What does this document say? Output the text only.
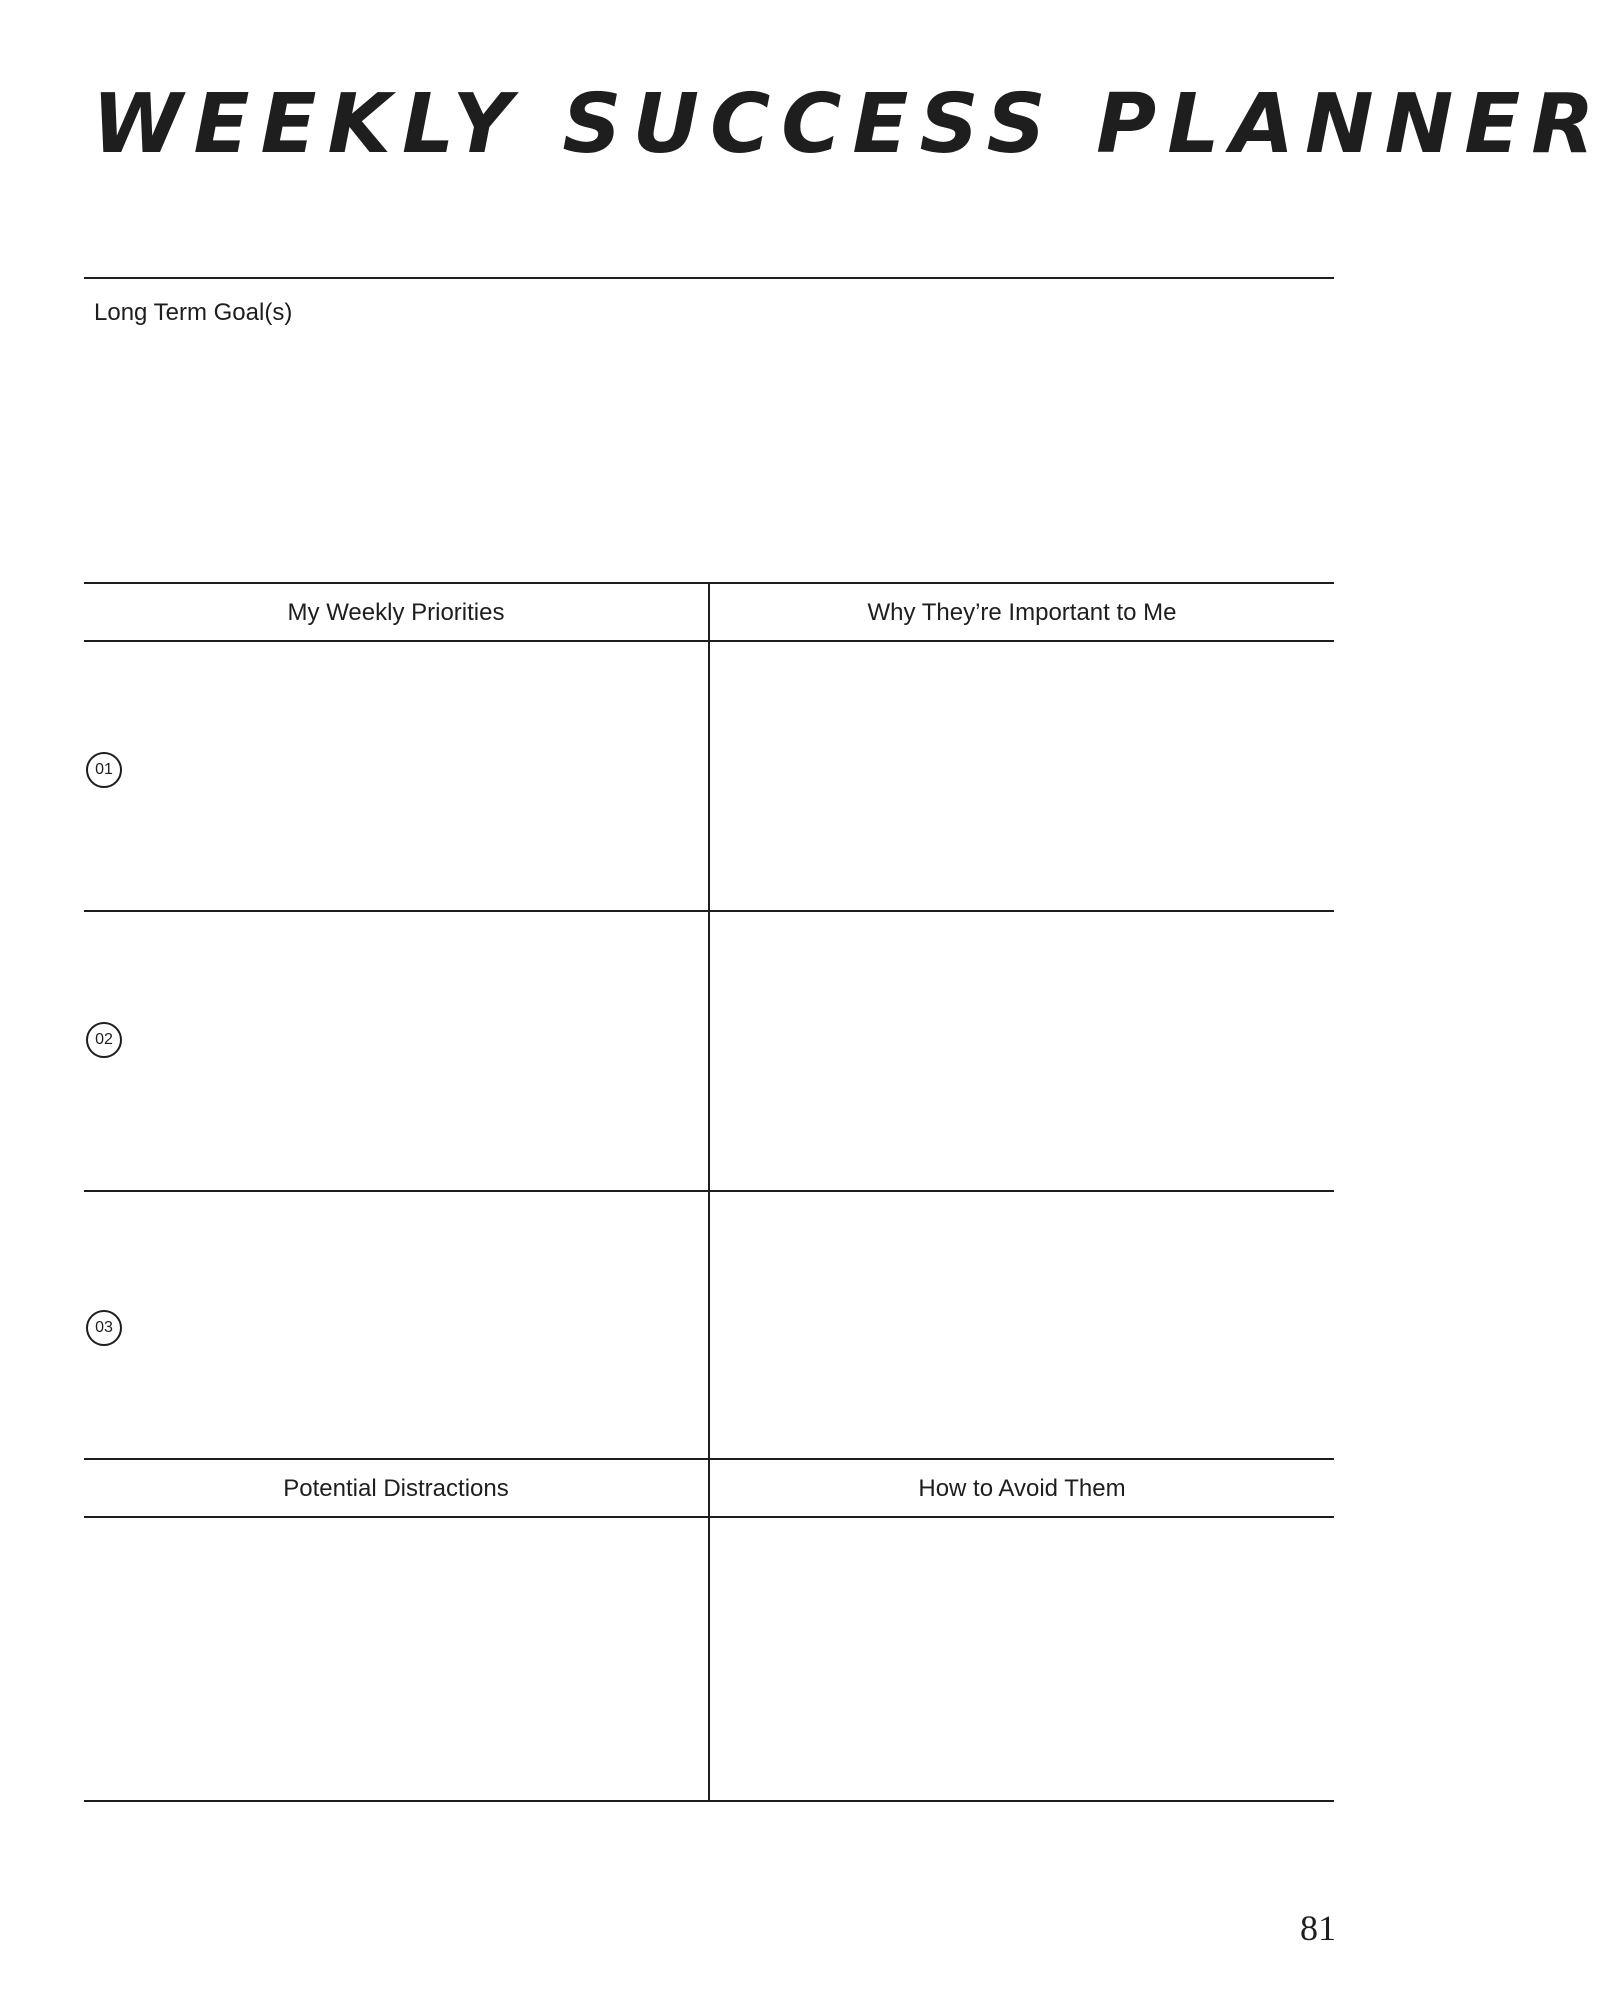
WEEKLY SUCCESS PLANNER
Long Term Goal(s)
My Weekly Priorities	Why They’re Important to Me
01
02
03
Potential Distractions	How to Avoid Them
81
